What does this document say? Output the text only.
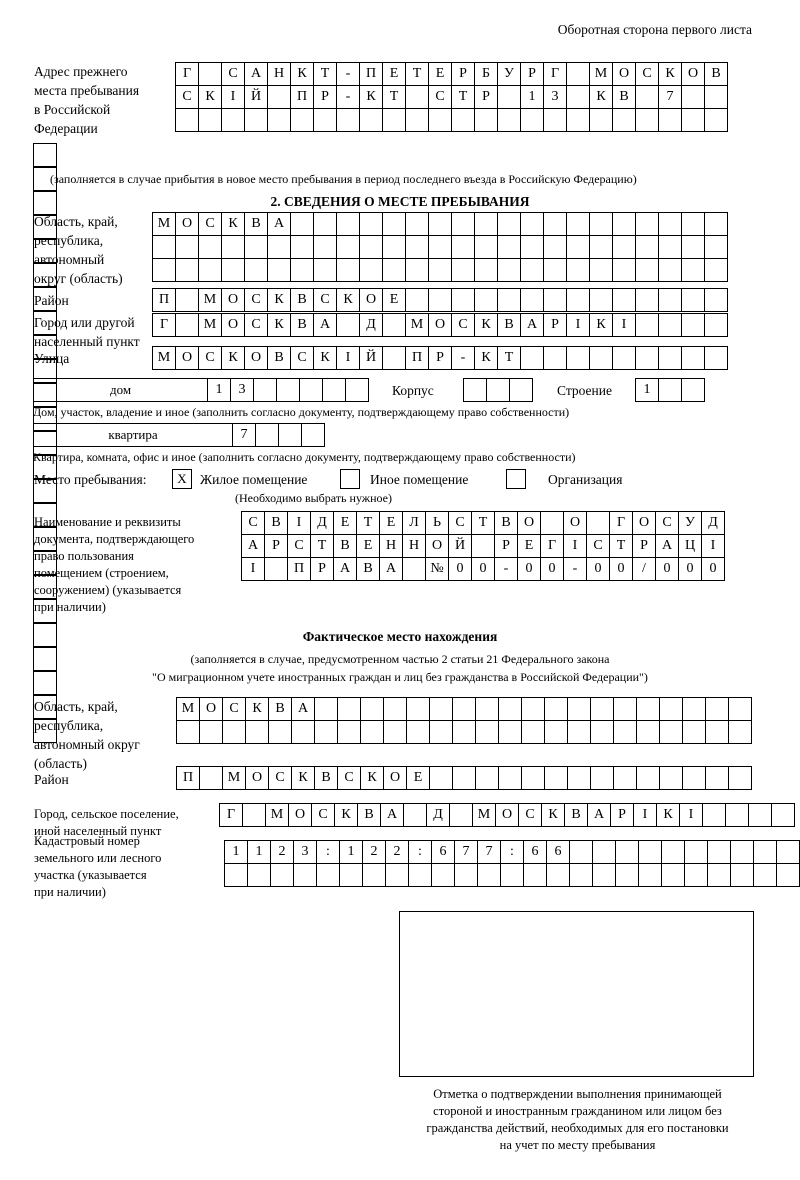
Оборотная сторона первого листа
Адрес прежнего
места пребывания
в Российской
Федерации
Г	С А Н К	Т	-	П Е	Т	Е	Р	Б	У	Р	Г	М О С К О В
С К	І	Й	П	Р	-	К	Т	С	Т	Р	1	3	К В	7
(заполняется в случае прибытия в новое место пребывания в период последнего въезда в Российскую Федерацию)
2. СВЕДЕНИЯ О МЕСТЕ ПРЕБЫВАНИЯ
Область, край,
республика,
автономный
округ (область)
М О С К В А
Район	П	М О С К В С К О Е
Город или другой
населенный пункт
Г	М О С К В А	Д	М О С К В А	Р	І	К	І
Улица	М О С К О В С К	І	Й	П	Р	-	К	Т
дом	1	3	Корпус	Строение	1
Дом, участок, владение и иное (заполнить согласно документу, подтверждающему право собственности)
квартира	7
Квартира, комната, офис и иное (заполнить согласно документу, подтверждающему право собственности)
Место пребывания:	Х Жилое помещение	Иное помещение	Организация
(Необходимо выбрать нужное)
Наименование и реквизиты
документа, подтверждающего
право пользования
помещением (строением,
сооружением) (указывается
при наличии)
С В	І	Д Е	Т	Е Л	Ь	С	Т	В О	О	Г О С У Д
А	Р	С	Т	В	Е Н Н О Й	Р	Е	Г	І	С	Т	Р	А Ц	І
І	П	Р	А В А	№ 0	0	-	0	0	-	0	0	/	0	0	0
Фактическое место нахождения
(заполняется в случае, предусмотренном частью 2 статьи 21 Федерального закона
"О миграционном учете иностранных граждан и лиц без гражданства в Российской Федерации")
Область, край,
республика,
автономный округ
(область)
М О С К В А
Район	П	М О С К В С К О Е
Город, сельское поселение,
иной населенный пункт
Г	М О С К В А	Д	М О С К В А	Р	І	К	І
Кадастровый номер
земельного или лесного
участка (указывается
при наличии)
1	1	2	3	:	1	2	2	:	6	7	7	:	6	6
Отметка о подтверждении выполнения принимающей
стороной и иностранным гражданином или лицом без
гражданства действий, необходимых для его постановки
на учет по месту пребывания
